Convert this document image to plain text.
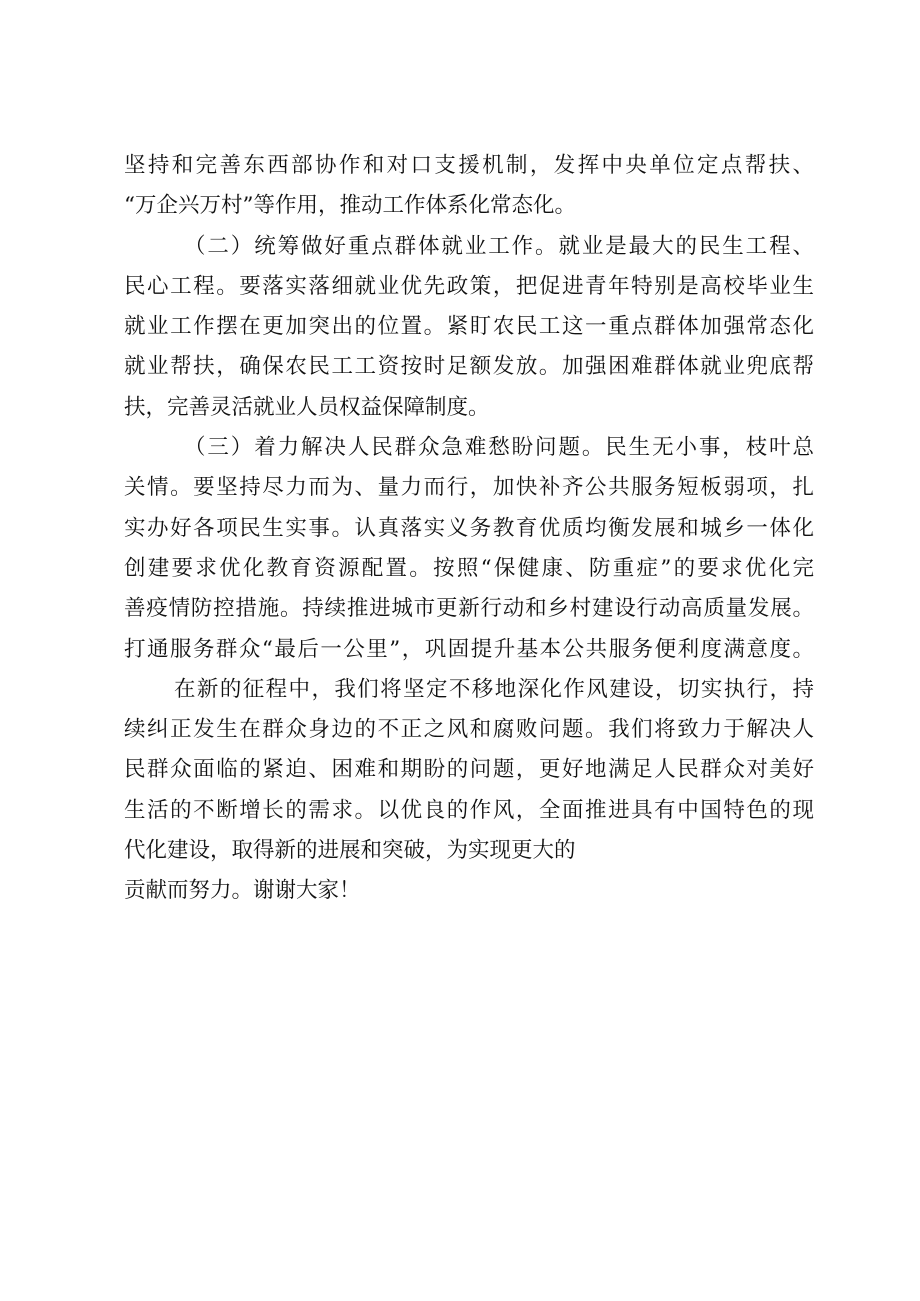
坚持和完善东西部协作和对口支援机制，发挥中央单位定点帮扶、
“万企兴万村”等作用，推动工作体系化常态化。
（二）统筹做好重点群体就业工作。就业是最大的民生工程、
民心工程。要落实落细就业优先政策，把促进青年特别是高校毕业生
就业工作摆在更加突出的位置。紧盯农民工这一重点群体加强常态化
就业帮扶，确保农民工工资按时足额发放。加强困难群体就业兜底帮
扶，完善灵活就业人员权益保障制度。
（三）着力解决人民群众急难愁盼问题。民生无小事，枝叶总
关情。要坚持尽力而为、量力而行，加快补齐公共服务短板弱项，扎
实办好各项民生实事。认真落实义务教育优质均衡发展和城乡一体化
创建要求优化教育资源配置。按照“保健康、防重症”的要求优化完
善疫情防控措施。持续推进城市更新行动和乡村建设行动高质量发展。
打通服务群众“最后一公里”，巩固提升基本公共服务便利度满意度。
在新的征程中，我们将坚定不移地深化作风建设，切实执行，持
续纠正发生在群众身边的不正之风和腐败问题。我们将致力于解决人
民群众面临的紧迫、困难和期盼的问题，更好地满足人民群众对美好
生活的不断增长的需求。以优良的作风，全面推进具有中国特色的现
代化建设，取得新的进展和突破，为实现更大的
贡献而努力。谢谢大家！
